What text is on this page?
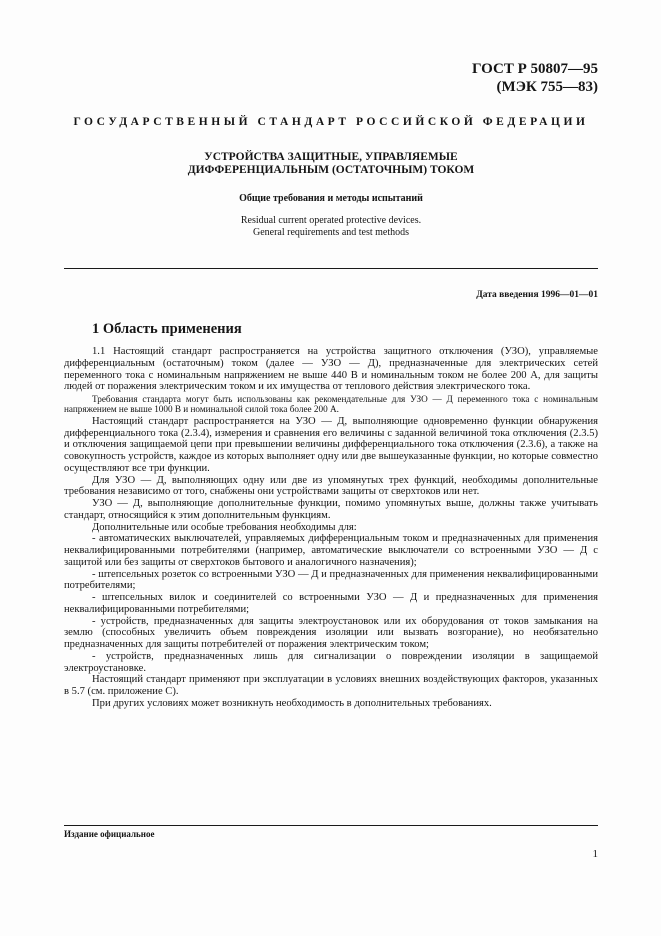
ГОСТ Р 50807—95
(МЭК 755—83)
ГОСУДАРСТВЕННЫЙ СТАНДАРТ РОССИЙСКОЙ ФЕДЕРАЦИИ
УСТРОЙСТВА ЗАЩИТНЫЕ, УПРАВЛЯЕМЫЕ
ДИФФЕРЕНЦИАЛЬНЫМ (ОСТАТОЧНЫМ) ТОКОМ
Общие требования и методы испытаний
Residual current operated protective devices.
General requirements and test methods
Дата введения 1996—01—01
1 Область применения

1.1 Настоящий стандарт распространяется на устройства защитного отключения (УЗО), управляемые дифференциальным (остаточным) током (далее — УЗО — Д), предназначенные для электрических сетей переменного тока с номинальным напряжением не выше 440 В и номинальным током не более 200 А, для защиты людей от поражения электрическим током и их имущества от теплового действия электрического тока.

Требования стандарта могут быть использованы как рекомендательные для УЗО — Д переменного тока с номинальным напряжением не выше 1000 В и номинальной силой тока более 200 А.

Настоящий стандарт распространяется на УЗО — Д, выполняющие одновременно функции обнаружения дифференциального тока (2.3.4), измерения и сравнения его величины с заданной величиной тока отключения (2.3.5) и отключения защищаемой цепи при превышении величины дифференциального тока отключения (2.3.6), а также на совокупность устройств, каждое из которых выполняет одну или две вышеуказанные функции, но которые совместно осуществляют все три функции.

Для УЗО — Д, выполняющих одну или две из упомянутых трех функций, необходимы дополнительные требования независимо от того, снабжены они устройствами защиты от сверхтоков или нет.

УЗО — Д, выполняющие дополнительные функции, помимо упомянутых выше, должны также учитывать стандарт, относящийся к этим дополнительным функциям.

Дополнительные или особые требования необходимы для:

- автоматических выключателей, управляемых дифференциальным током и предназначенных для применения неквалифицированными потребителями (например, автоматические выключатели со встроенными УЗО — Д с защитой или без защиты от сверхтоков бытового и аналогичного назначения);

- штепсельных розеток со встроенными УЗО — Д и предназначенных для применения неквалифицированными потребителями;

- штепсельных вилок и соединителей со встроенными УЗО — Д и предназначенных для применения неквалифицированными потребителями;

- устройств, предназначенных для защиты электроустановок или их оборудования от токов замыкания на землю (способных увеличить объем повреждения изоляции или вызвать возгорание), но необязательно предназначенных для защиты потребителей от поражения электрическим током;

- устройств, предназначенных лишь для сигнализации о повреждении изоляции в защищаемой электроустановке.

Настоящий стандарт применяют при эксплуатации в условиях внешних воздействующих факторов, указанных в 5.7 (см. приложение С).

При других условиях может возникнуть необходимость в дополнительных требованиях.

Издание официальное
1
